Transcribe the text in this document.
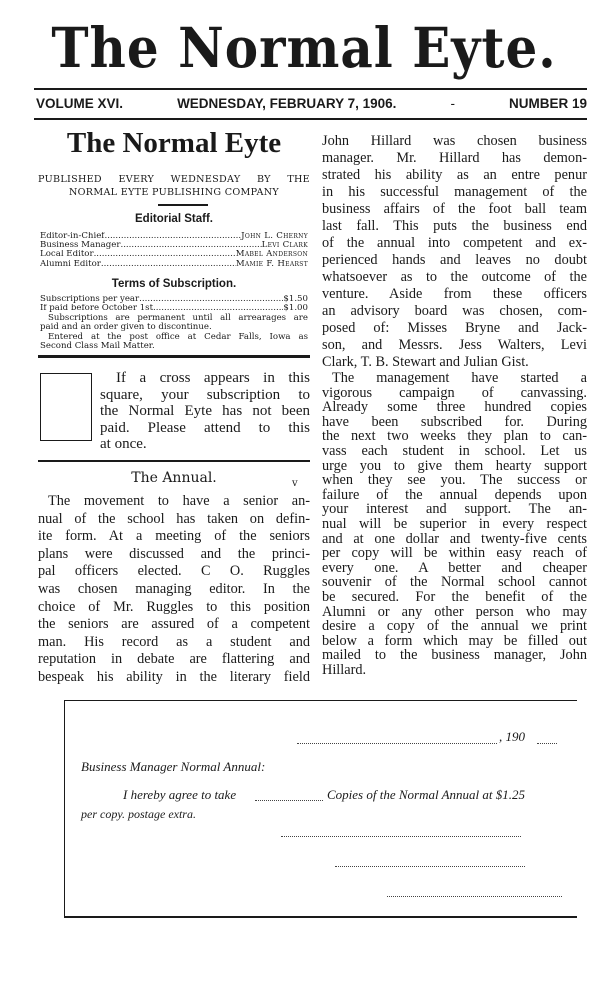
The Normal Eyte.
VOLUME XVI.	WEDNESDAY, FEBRUARY 7, 1906.	-	NUMBER 19
The Normal Eyte
PUBLISHED EVERY WEDNESDAY BY THE
NORMAL EYTE PUBLISHING COMPANY
Editorial Staff.
Editor-in-Chief .....	John L. Cherny
Business Manager .....	Levi Clark
Local Editor .....	Mabel Anderson
Alumni Editor .....	Mamie F. Hearst
Terms of Subscription.
Subscriptions per year .....	$1.50
If paid before October 1st .....	$1.00
Subscriptions are permanent until all arrearages are
paid and an order given to discontinue.
Entered at the post office at Cedar Falls, Iowa as
Second Class Mail Matter.
If a cross appears in this
square, your subscription to
the Normal Eyte has not been
paid. Please attend to this
at once.
The Annual.	v
The movement to have a senior an-
nual of the school has taken on defin-
ite form. At a meeting of the seniors
plans were discussed and the princi-
pal officers elected. C O. Ruggles
was chosen managing editor. In the
choice of Mr. Ruggles to this position
the seniors are assured of a competent
man. His record as a student and
reputation in debate are flattering and
bespeak his ability in the literary field
John Hillard was chosen business
manager. Mr. Hillard has demon-
strated his ability as an entre penur
in his successful management of the
business affairs of the foot ball team
last fall. This puts the business end
of the annual into competent and ex-
perienced hands and leaves no doubt
whatsoever as to the outcome of the
venture. Aside from these officers
an advisory board was chosen, com-
posed of: Misses Bryne and Jack-
son, and Messrs. Jess Walters, Levi
Clark, T. B. Stewart and Julian Gist.
The management have started a
vigorous campaign of canvassing.
Already some three hundred copies
have been subscribed for. During
the next two weeks they plan to can-
vass each student in school. Let us
urge you to give them hearty support
when they see you. The success or
failure of the annual depends upon
your interest and support. The an-
nual will be superior in every respect
and at one dollar and twenty-five cents
per copy will be within easy reach of
every one. A better and cheaper
souvenir of the Normal school cannot
be secured. For the benefit of the
Alumni or any other person who may
desire a copy of the annual we print
below a form which may be filled out
mailed to the business manager, John
Hillard.
, 190
Business Manager Normal Annual:
I hereby agree to take	Copies of the Normal Annual at $1.25
per copy. postage extra.
